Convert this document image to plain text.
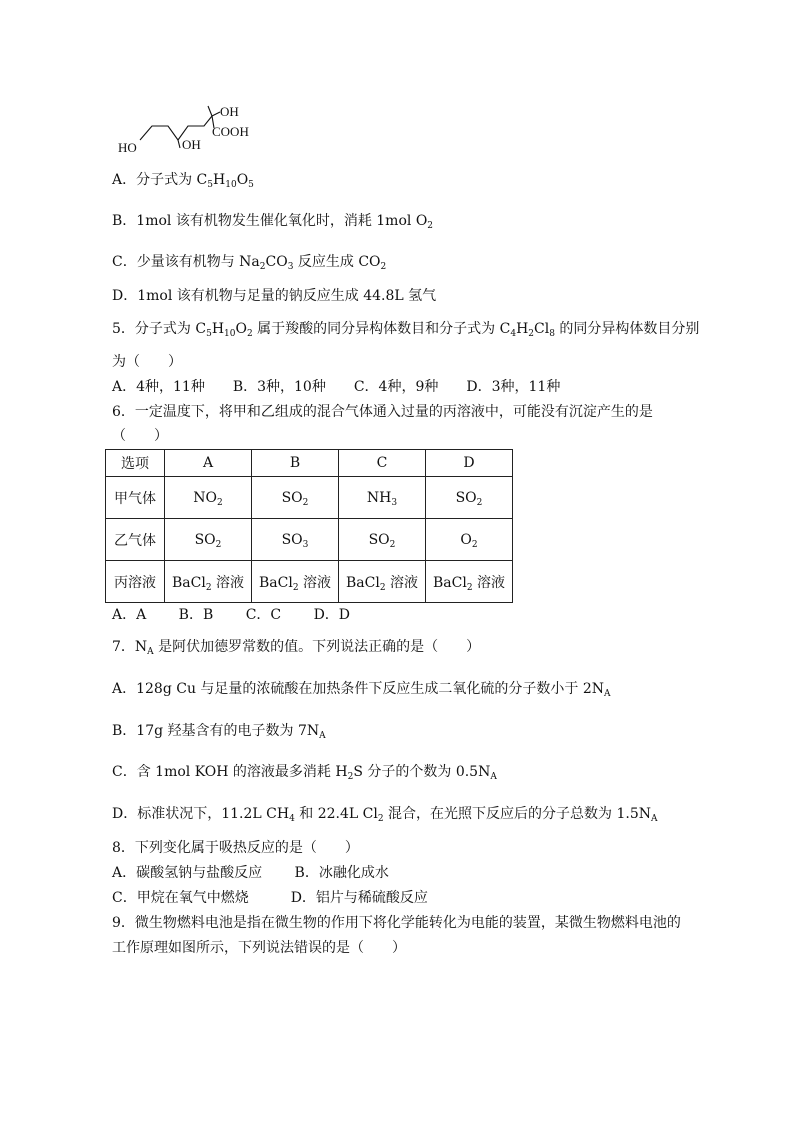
OH
COOH
OH
HO
A．分子式为 $C_5H_{10}O_5$
B．1mol 该有机物发生催化氧化时，消耗 1mol $O_2$
C．少量该有机物与 $Na_2CO_3$ 反应生成 $CO_2$
D．1mol 该有机物与足量的钠反应生成 44.8L 氢气
5．分子式为 $C_5H_{10}O_2$ 属于羧酸的同分异构体数目和分子式为 $C_4H_2Cl_8$ 的同分异构体数目分别
为（　　）
A．4种，11种　　B．3种，10种　　C．4种，9种　　D．3种，11种
6．一定温度下，将甲和乙组成的混合气体通入过量的丙溶液中，可能没有沉淀产生的是
（　　）
选项	A	B	C	D
甲气体	$NO_2$	$SO_2$	$NH_3$	$SO_2$
乙气体	$SO_2$	$SO_3$	$SO_2$	$O_2$
丙溶液	BaCl$_2$ 溶液	BaCl$_2$ 溶液	BaCl$_2$ 溶液	BaCl$_2$ 溶液
A．A　　 B．B　　 C．C　　 D．D
7．$N_A$ 是阿伏加德罗常数的值。下列说法正确的是（　　）
A．128g Cu 与足量的浓硫酸在加热条件下反应生成二氧化硫的分子数小于 $2N_A$
B．17g 羟基含有的电子数为 $7N_A$
C．含 1mol KOH 的溶液最多消耗 $H_2S$ 分子的个数为 $0.5N_A$
D．标准状况下，11.2L $CH_4$ 和 22.4L $Cl_2$ 混合，在光照下反应后的分子总数为 $1.5N_A$
8．下列变化属于吸热反应的是（　　）
A．碳酸氢钠与盐酸反应　　 B．冰融化成水
C．甲烷在氧气中燃烧　　　D．铝片与稀硫酸反应
9．微生物燃料电池是指在微生物的作用下将化学能转化为电能的装置，某微生物燃料电池的
工作原理如图所示，下列说法错误的是（　　）
